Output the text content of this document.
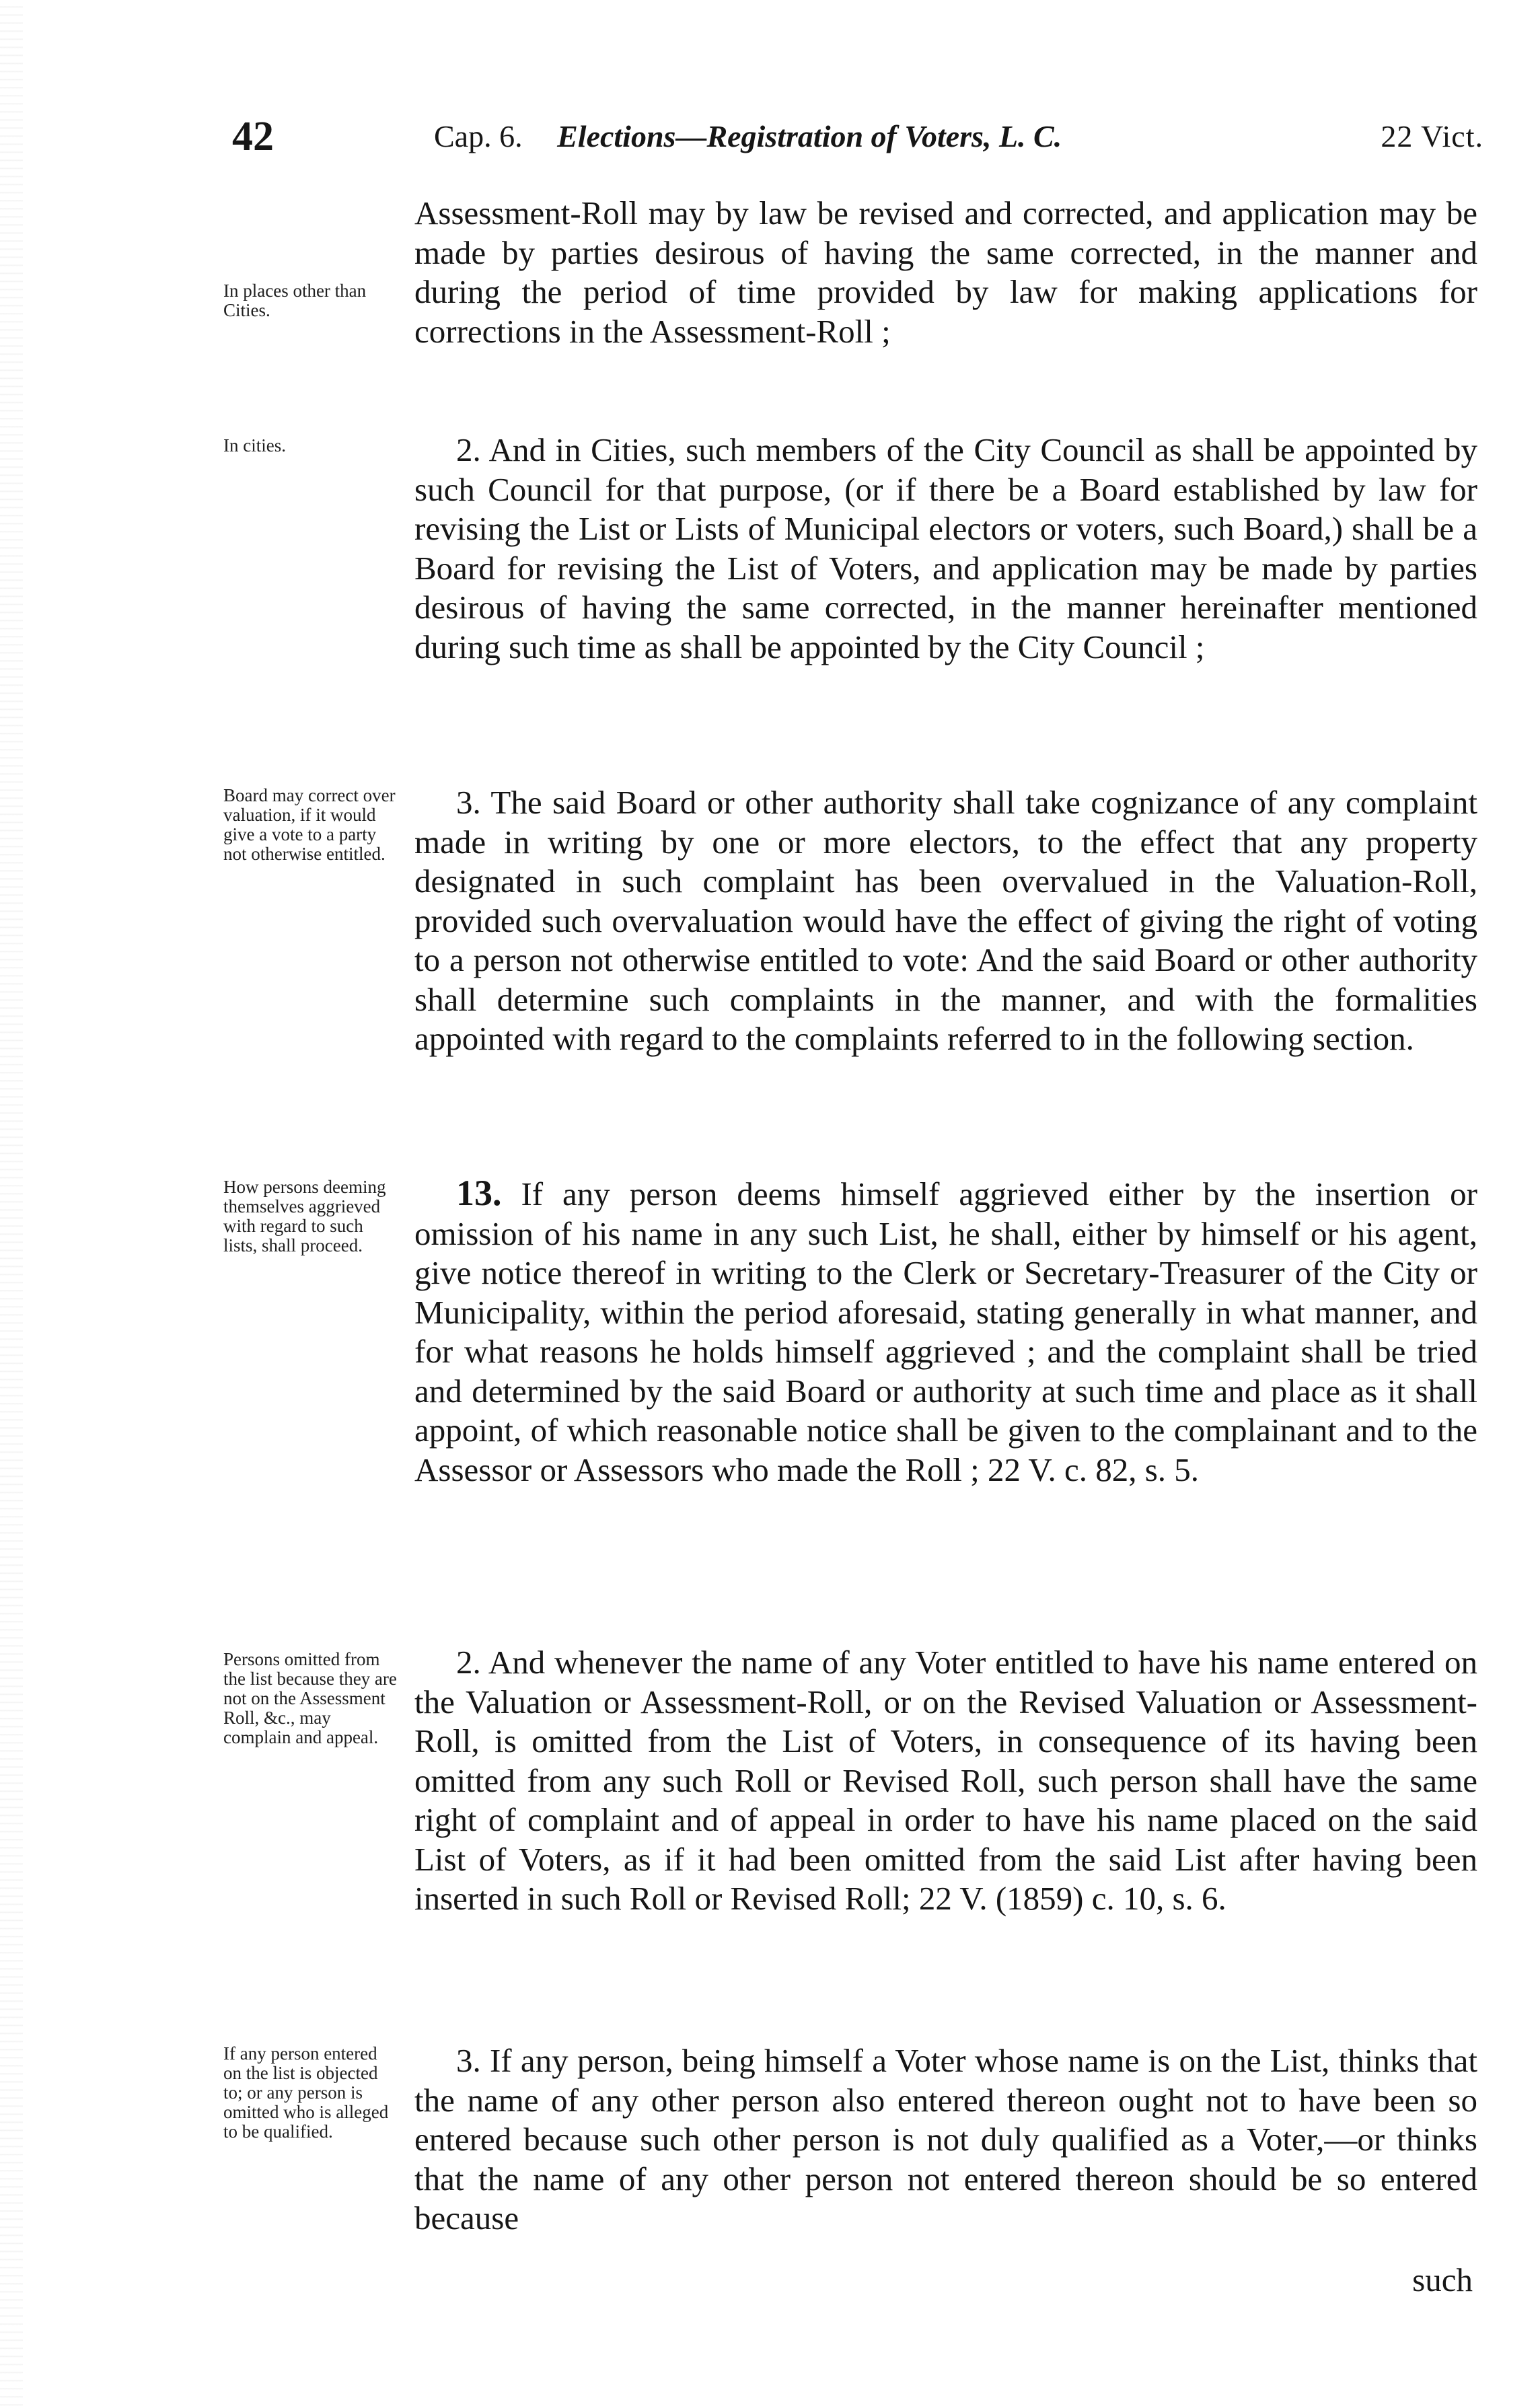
42	Cap. 6. Elections—Registration of Voters, L. C.	22 Vict.
In places other than Cities.

Assessment-Roll may by law be revised and corrected, and application may be made by parties desirous of having the same corrected, in the manner and during the period of time provided by law for making applications for corrections in the Assessment-Roll ;

In cities.	2. And in Cities, such members of the City Council as shall be appointed by such Council for that purpose, (or if there be a Board established by law for revising the List or Lists of Municipal electors or voters, such Board,) shall be a Board for revising the List of Voters, and application may be made by parties desirous of having the same corrected, in the manner hereinafter mentioned during such time as shall be appointed by the City Council ;

Board may correct over valuation, if it would give a vote to a party not otherwise entitled.

3. The said Board or other authority shall take cognizance of any complaint made in writing by one or more electors, to the effect that any property designated in such complaint has been overvalued in the Valuation-Roll, provided such overvaluation would have the effect of giving the right of voting to a person not otherwise entitled to vote: And the said Board or other authority shall determine such complaints in the manner, and with the formalities appointed with regard to the complaints referred to in the following section.

How persons deeming themselves aggrieved with regard to such lists, shall proceed.

13. If any person deems himself aggrieved either by the insertion or omission of his name in any such List, he shall, either by himself or his agent, give notice thereof in writing to the Clerk or Secretary-Treasurer of the City or Municipality, within the period aforesaid, stating generally in what manner, and for what reasons he holds himself aggrieved ; and the complaint shall be tried and determined by the said Board or authority at such time and place as it shall appoint, of which reasonable notice shall be given to the complainant and to the Assessor or Assessors who made the Roll ; 22 V. c. 82, s. 5.

Persons omitted from the list because they are not on the Assessment Roll, &c., may complain and appeal.

2. And whenever the name of any Voter entitled to have his name entered on the Valuation or Assessment-Roll, or on the Revised Valuation or Assessment-Roll, is omitted from the List of Voters, in consequence of its having been omitted from any such Roll or Revised Roll, such person shall have the same right of complaint and of appeal in order to have his name placed on the said List of Voters, as if it had been omitted from the said List after having been inserted in such Roll or Revised Roll; 22 V. (1859) c. 10, s. 6.

If any person entered on the list is objected to; or any person is omitted who is alleged to be qualified.

3. If any person, being himself a Voter whose name is on the List, thinks that the name of any other person also entered thereon ought not to have been so entered because such other person is not duly qualified as a Voter,—or thinks that the name of any other person not entered thereon should be so entered because

such
